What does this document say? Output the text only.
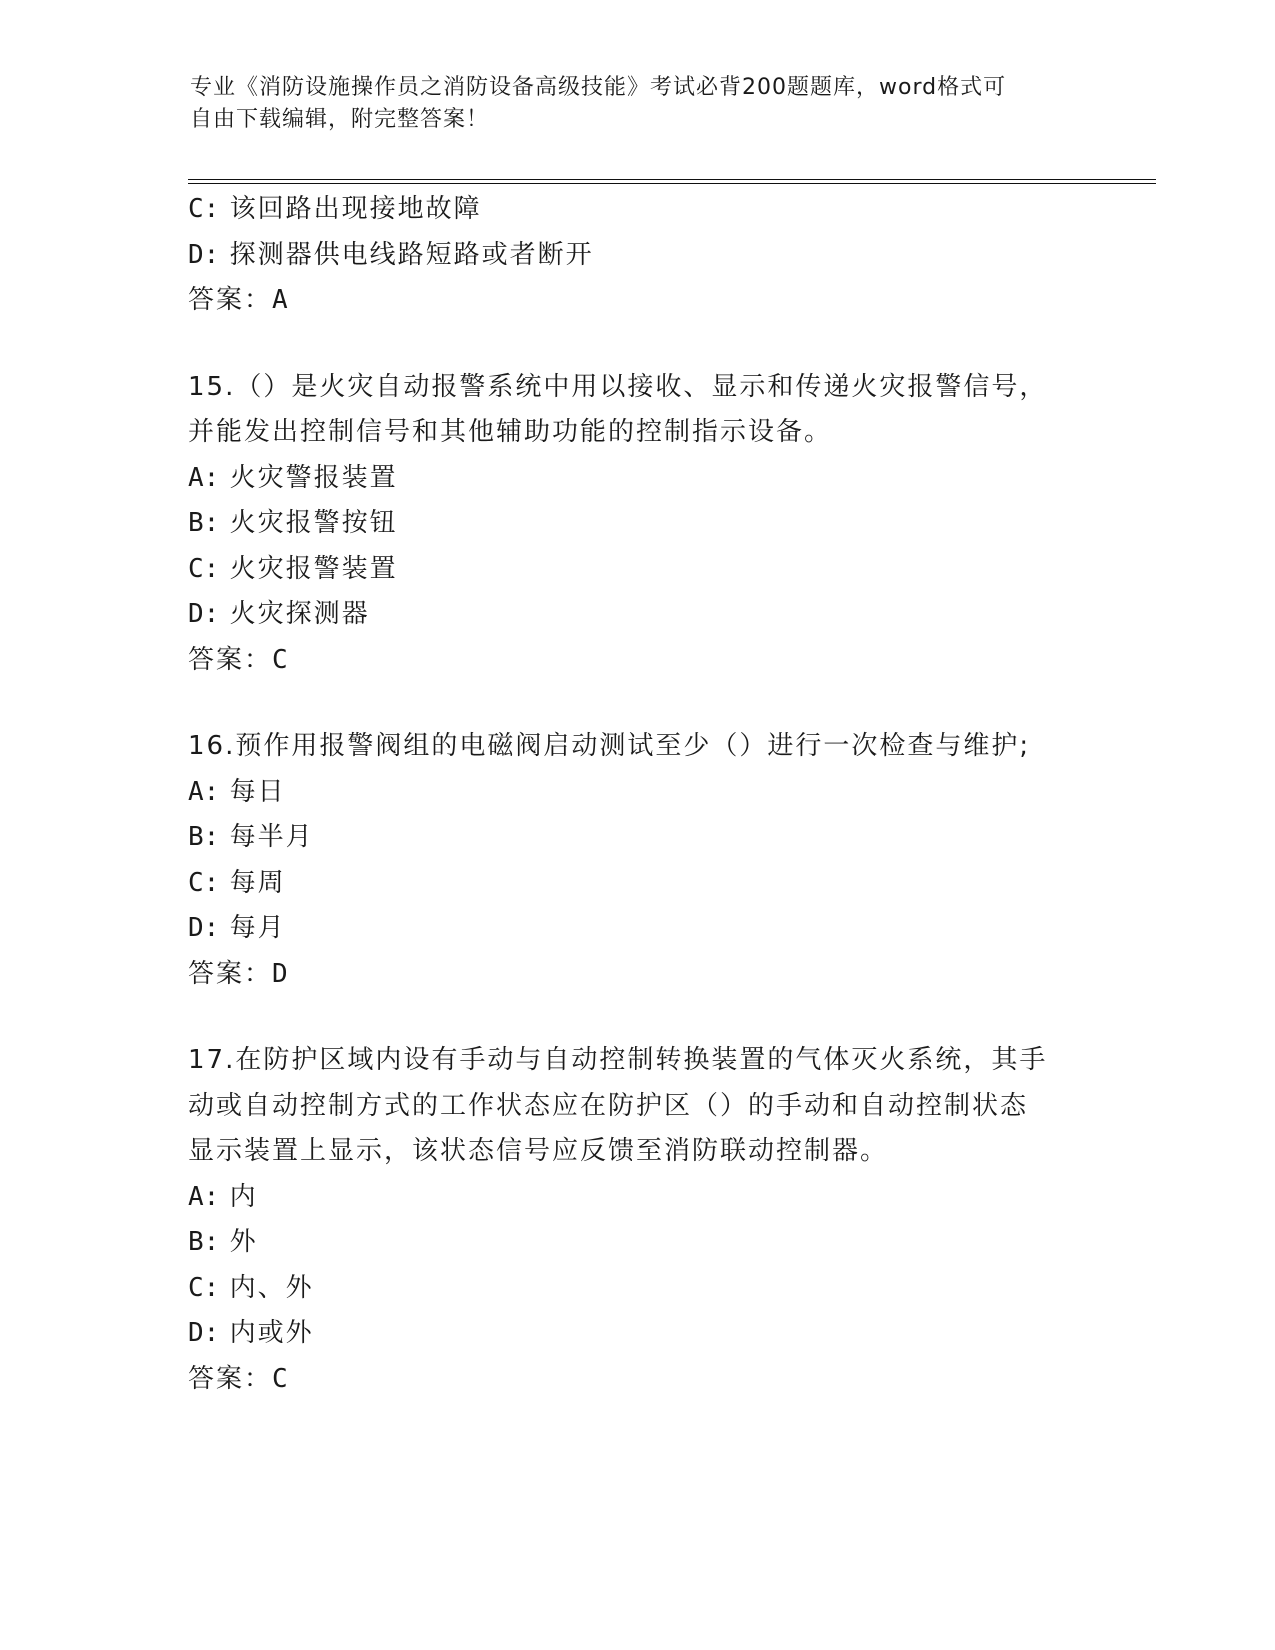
专业《消防设施操作员之消防设备高级技能》考试必背200题题库，word格式可
自由下载编辑，附完整答案！
C: 该回路出现接地故障
D: 探测器供电线路短路或者断开
答案：A
15.（）是火灾自动报警系统中用以接收、显示和传递火灾报警信号，
并能发出控制信号和其他辅助功能的控制指示设备。
A: 火灾警报装置
B: 火灾报警按钮
C: 火灾报警装置
D: 火灾探测器
答案：C
16.预作用报警阀组的电磁阀启动测试至少（）进行一次检查与维护;
A: 每日
B: 每半月
C: 每周
D: 每月
答案：D
17.在防护区域内设有手动与自动控制转换装置的气体灭火系统，其手
动或自动控制方式的工作状态应在防护区（）的手动和自动控制状态
显示装置上显示，该状态信号应反馈至消防联动控制器。
A: 内
B: 外
C: 内、外
D: 内或外
答案：C
